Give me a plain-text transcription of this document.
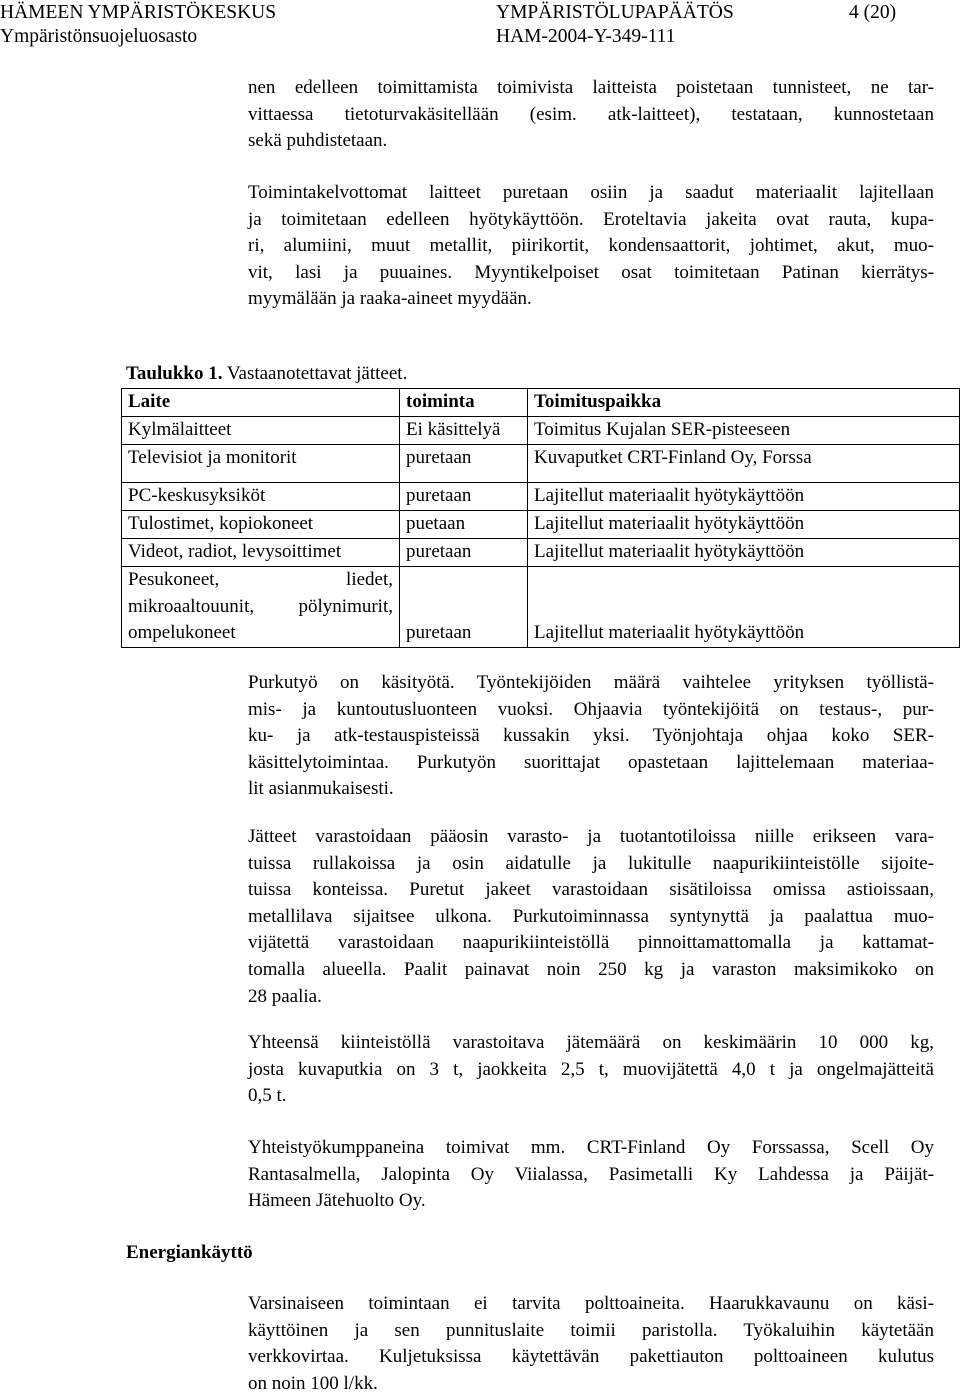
HÄMEEN YMPÄRISTÖKESKUS
Ympäristönsuojeluosasto
YMPÄRISTÖLUPAPÄÄTÖS
HAM-2004-Y-349-111
4 (20)
nen edelleen toimittamista toimivista laitteista poistetaan tunnisteet, ne tar-
vittaessa tietoturvakäsitellään (esim. atk-laitteet), testataan, kunnostetaan
sekä puhdistetaan.
Toimintakelvottomat laitteet puretaan osiin ja saadut materiaalit lajitellaan
ja toimitetaan edelleen hyötykäyttöön. Eroteltavia jakeita ovat rauta, kupa-
ri, alumiini, muut metallit, piirikortit, kondensaattorit, johtimet, akut, muo-
vit, lasi ja puuaines. Myyntikelpoiset osat toimitetaan Patinan kierrätys-
myymälään ja raaka-aineet myydään.
Taulukko 1. Vastaanotettavat jätteet.
Laite	toiminta	Toimituspaikka
Kylmälaitteet	Ei käsittelyä	Toimitus Kujalan SER-pisteeseen
Televisiot ja monitorit	puretaan	Kuvaputket CRT-Finland Oy, Forssa
PC-keskusyksiköt	puretaan	Lajitellut materiaalit hyötykäyttöön
Tulostimet, kopiokoneet	puetaan	Lajitellut materiaalit hyötykäyttöön
Videot, radiot, levysoittimet	puretaan	Lajitellut materiaalit hyötykäyttöön
Pesukoneet, liedet, mikroaaltouunit, pölynimurit, ompelukoneet	puretaan	Lajitellut materiaalit hyötykäyttöön
Purkutyö on käsityötä. Työntekijöiden määrä vaihtelee yrityksen työllistä-
mis- ja kuntoutusluonteen vuoksi. Ohjaavia työntekijöitä on testaus-, pur-
ku- ja atk-testauspisteissä kussakin yksi. Työnjohtaja ohjaa koko SER-
käsittelytoimintaa. Purkutyön suorittajat opastetaan lajittelemaan materiaa-
lit asianmukaisesti.
Jätteet varastoidaan pääosin varasto- ja tuotantotiloissa niille erikseen vara-
tuissa rullakoissa ja osin aidatulle ja lukitulle naapurikiinteistölle sijoite-
tuissa konteissa. Puretut jakeet varastoidaan sisätiloissa omissa astioissaan,
metallilava sijaitsee ulkona. Purkutoiminnassa syntynyttä ja paalattua muo-
vijätettä varastoidaan naapurikiinteistöllä pinnoittamattomalla ja kattamat-
tomalla alueella. Paalit painavat noin 250 kg ja varaston maksimikoko on
28 paalia.
Yhteensä kiinteistöllä varastoitava jätemäärä on keskimäärin 10 000 kg,
josta kuvaputkia on 3 t, jaokkeita 2,5 t, muovijätettä 4,0 t ja ongelmajätteitä
0,5 t.
Yhteistyökumppaneina toimivat mm. CRT-Finland Oy Forssassa, Scell Oy
Rantasalmella, Jalopinta Oy Viialassa, Pasimetalli Ky Lahdessa ja Päijät-
Hämeen Jätehuolto Oy.
Energiankäyttö
Varsinaiseen toimintaan ei tarvita polttoaineita. Haarukkavaunu on käsi-
käyttöinen ja sen punnituslaite toimii paristolla. Työkaluihin käytetään
verkkovirtaa. Kuljetuksissa käytettävän pakettiauton polttoaineen kulutus
on noin 100 l/kk.
